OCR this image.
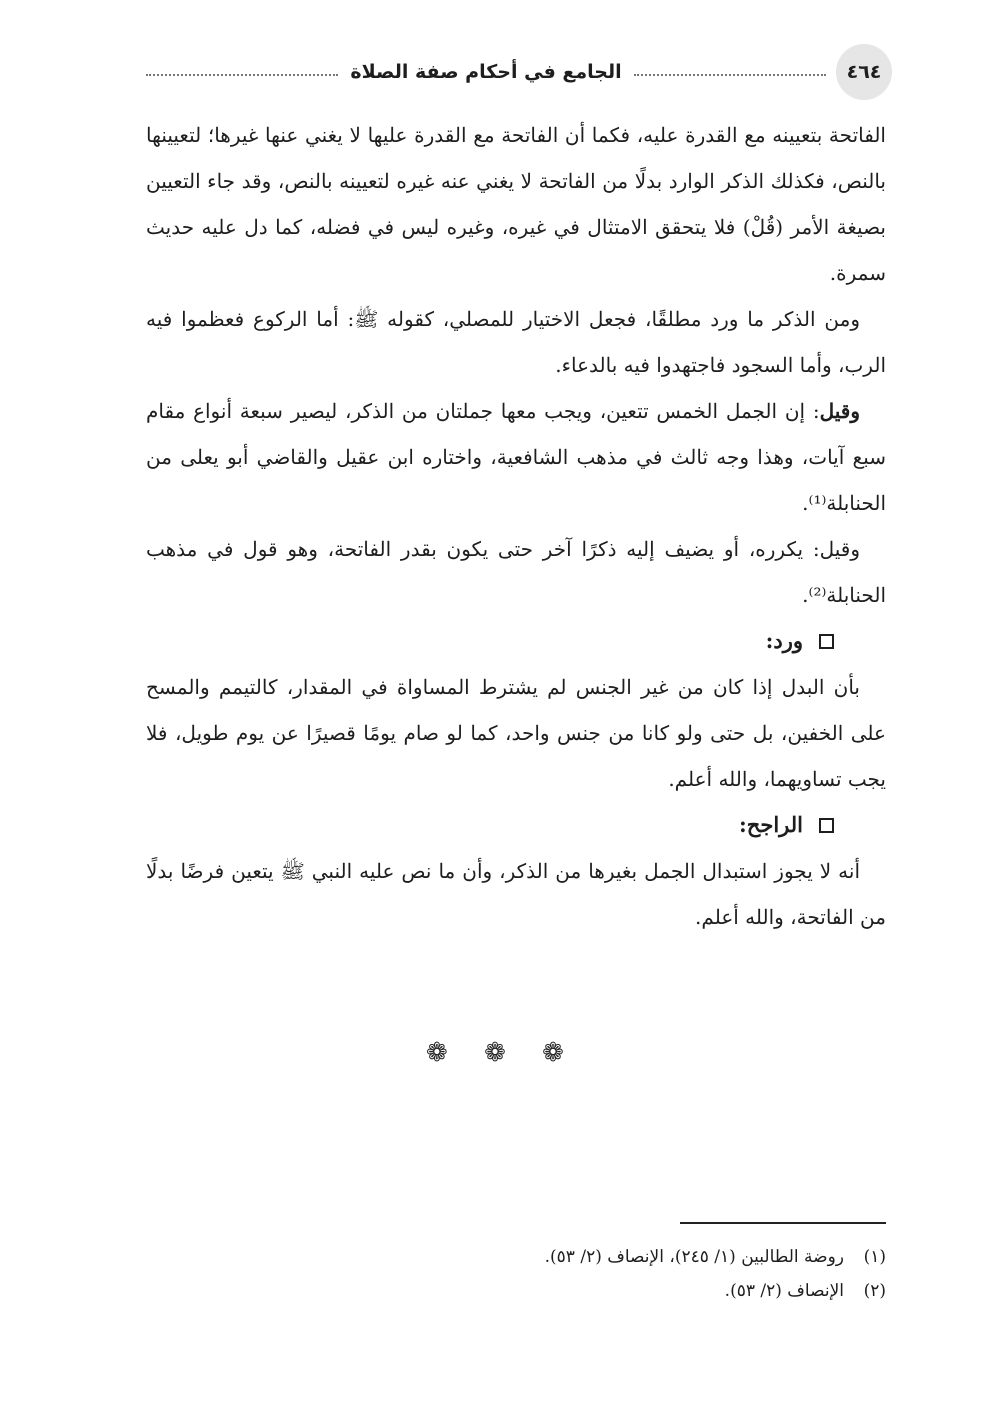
٤٦٤
الجامع في أحكام صفة الصلاة

الفاتحة بتعيينه مع القدرة عليه، فكما أن الفاتحة مع القدرة عليها لا يغني عنها غيرها؛ لتعيينها بالنص، فكذلك الذكر الوارد بدلًا من الفاتحة لا يغني عنه غيره لتعيينه بالنص، وقد جاء التعيين بصيغة الأمر (قُلْ) فلا يتحقق الامتثال في غيره، وغيره ليس في فضله، كما دل عليه حديث سمرة.

ومن الذكر ما ورد مطلقًا، فجعل الاختيار للمصلي، كقوله ﷺ: أما الركوع فعظموا فيه الرب، وأما السجود فاجتهدوا فيه بالدعاء.

وقيل: إن الجمل الخمس تتعين، ويجب معها جملتان من الذكر، ليصير سبعة أنواع مقام سبع آيات، وهذا وجه ثالث في مذهب الشافعية، واختاره ابن عقيل والقاضي أبو يعلى من الحنابلة⁽¹⁾.

وقيل: يكرره، أو يضيف إليه ذكرًا آخر حتى يكون بقدر الفاتحة، وهو قول في مذهب الحنابلة⁽²⁾.

ورد:

بأن البدل إذا كان من غير الجنس لم يشترط المساواة في المقدار، كالتيمم والمسح على الخفين، بل حتى ولو كانا من جنس واحد، كما لو صام يومًا قصيرًا عن يوم طويل، فلا يجب تساويهما، والله أعلم.

الراجح:

أنه لا يجوز استبدال الجمل بغيرها من الذكر، وأن ما نص عليه النبي ﷺ يتعين فرضًا بدلًا من الفاتحة، والله أعلم.

❁ ❁ ❁
(١)
روضة الطالبين (١/ ٢٤٥)، الإنصاف (٢/ ٥٣).
(٢)
الإنصاف (٢/ ٥٣).
